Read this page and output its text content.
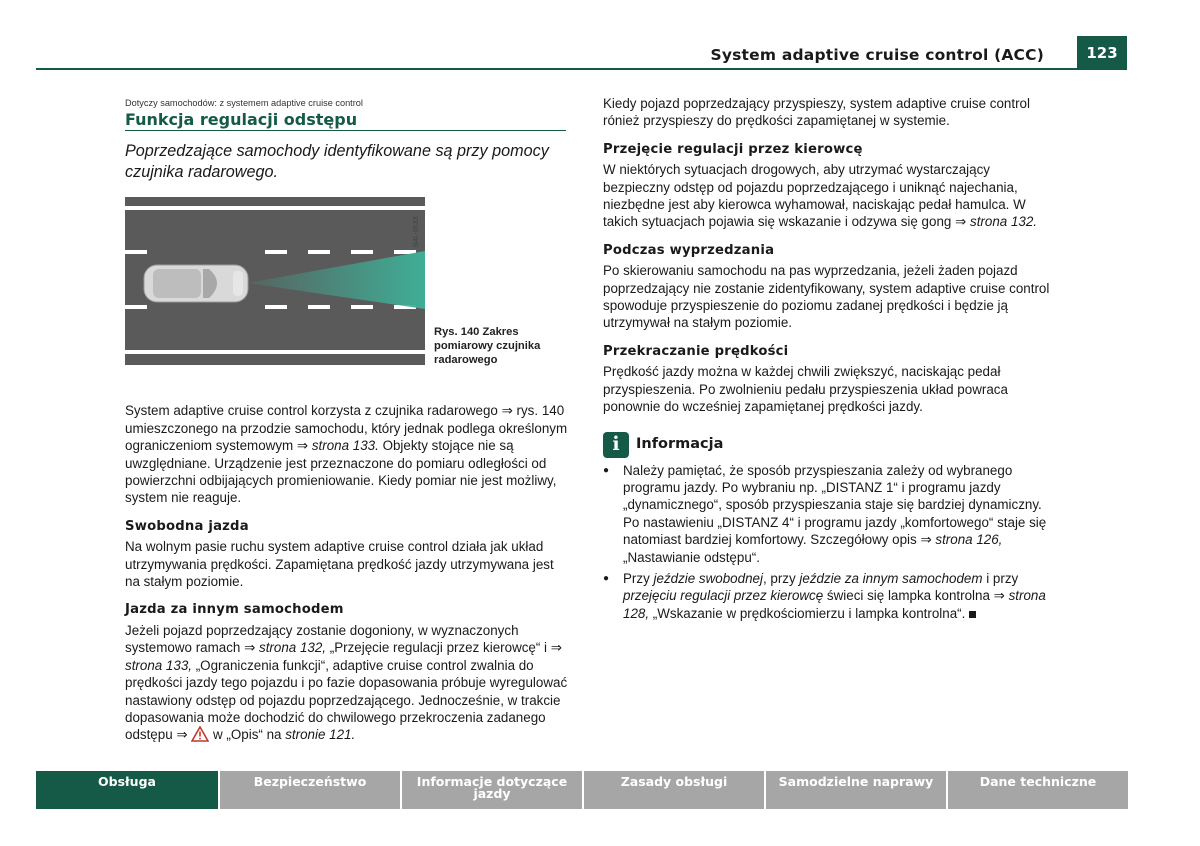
System adaptive cruise control (ACC)	123
Dotyczy samochodów: z systemem adaptive cruise control
Funkcja regulacji odstępu
Poprzedzające samochody identyfikowane są przy pomocy czujnika radarowego.
B4L-0533
Rys. 140 Zakres pomiarowy czujnika radarowego

System adaptive cruise control korzysta z czujnika radarowego ⇒ rys. 140 umieszczonego na przodzie samochodu, który jednak podlega określonym ograniczeniom systemowym ⇒ strona 133. Objekty stojące nie są uwzględniane. Urządzenie jest przeznaczone do pomiaru odległości od powierzchni odbijających promieniowanie. Kiedy pomiar nie jest możliwy, system nie reaguje.

Swobodna jazda

Na wolnym pasie ruchu system adaptive cruise control działa jak układ utrzymywania prędkości. Zapamiętana prędkość jazdy utrzymywana jest na stałym poziomie.

Jazda za innym samochodem

Jeżeli pojazd poprzedzający zostanie dogoniony, w wyznaczonych systemowo ramach ⇒ strona 132, „Przejęcie regulacji przez kierowcę“ i ⇒ strona 133, „Ograniczenia funkcji“, adaptive cruise control zwalnia do prędkości jazdy tego pojazdu i po fazie dopasowania próbuje wyregulować nastawiony odstęp od pojazdu poprzedzającego. Jednocześnie, w trakcie dopasowania może dochodzić do chwilowego przekroczenia zadanego odstępu ⇒  w „Opis“ na stronie 121.

Kiedy pojazd poprzedzający przyspieszy, system adaptive cruise control rónież przyspieszy do prędkości zapamiętanej w systemie.

Przejęcie regulacji przez kierowcę

W niektórych sytuacjach drogowych, aby utrzymać wystarczający bezpieczny odstęp od pojazdu poprzedzającego i uniknąć najechania, niezbędne jest aby kierowca wyhamował, naciskając pedał hamulca. W takich sytuacjach pojawia się wskazanie i odzywa się gong ⇒ strona 132.

Podczas wyprzedzania

Po skierowaniu samochodu na pas wyprzedzania, jeżeli żaden pojazd poprzedzający nie zostanie zidentyfikowany, system adaptive cruise control spowoduje przyspieszenie do poziomu zadanej prędkości i będzie ją utrzymywał na stałym poziomie.

Przekraczanie prędkości

Prędkość jazdy można w każdej chwili zwiększyć, naciskając pedał przyspieszenia. Po zwolnieniu pedału przyspieszenia układ powraca ponownie do wcześniej zapamiętanej prędkości jazdy.

i	Informacja

● Należy pamiętać, że sposób przyspieszania zależy od wybranego programu jazdy. Po wybraniu np. „DISTANZ 1“ i programu jazdy „dynamicznego“, sposób przyspieszania staje się bardziej dynamiczny. Po nastawieniu „DISTANZ 4“ i programu jazdy „komfortowego“ staje się natomiast bardziej komfortowy. Szczegółowy opis ⇒ strona 126, „Nastawianie odstępu“.

● Przy jeździe swobodnej, przy jeździe za innym samochodem i przy przejęciu regulacji przez kierowcę świeci się lampka kontrolna ⇒ strona 128, „Wskazanie w prędkościomierzu i lampka kontrolna“.

Obsługa	Bezpieczeństwo	Informacje dotyczące jazdy
Zasady obsługi	Samodzielne naprawy	Dane techniczne
